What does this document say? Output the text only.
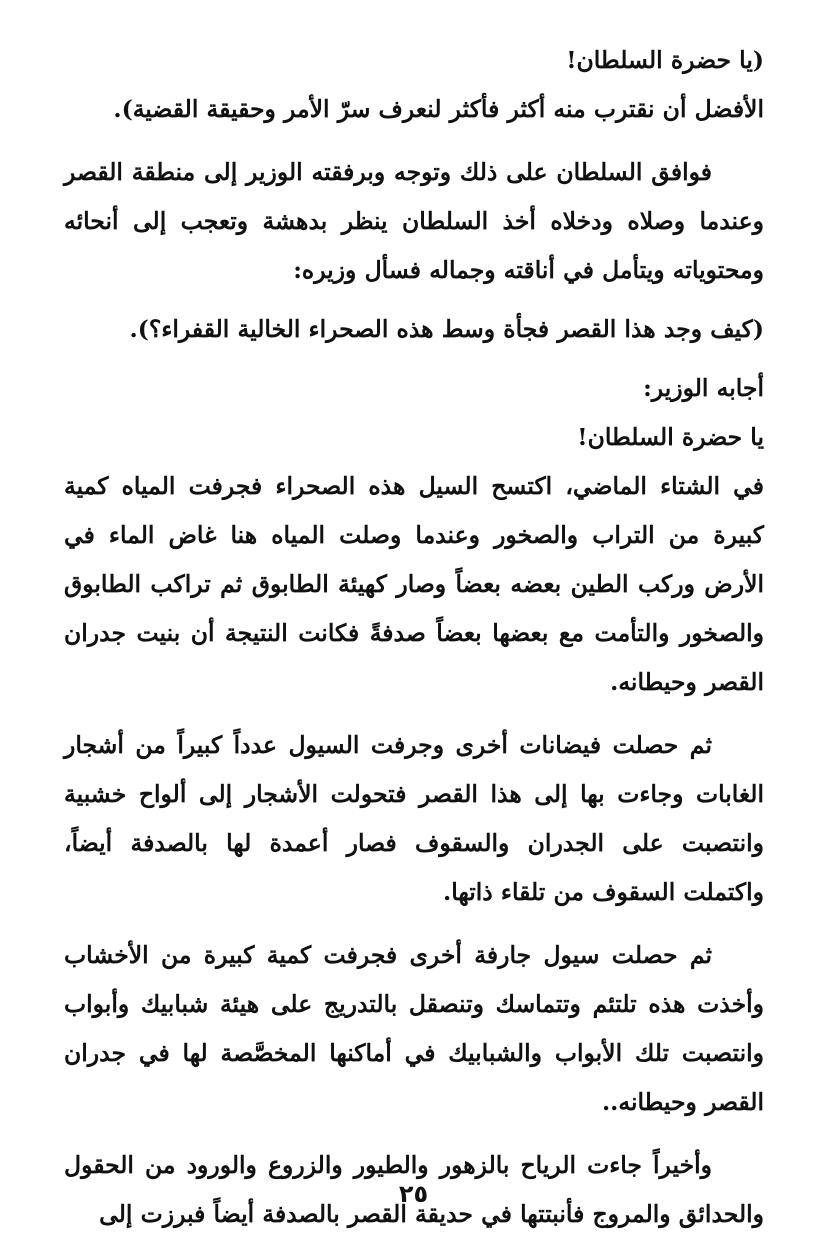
(يا حضرة السلطان!

الأفضل أن نقترب منه أكثر فأكثر لنعرف سرّ الأمر وحقيقة القضية).

فوافق السلطان على ذلك وتوجه وبرفقته الوزير إلى منطقة القصر وعندما وصلاه ودخلاه أخذ السلطان ينظر بدهشة وتعجب إلى أنحائه ومحتوياته ويتأمل في أناقته وجماله فسأل وزيره:

(كيف وجد هذا القصر فجأة وسط هذه الصحراء الخالية القفراء؟).

أجابه الوزير:

يا حضرة السلطان!

في الشتاء الماضي، اكتسح السيل هذه الصحراء فجرفت المياه كمية كبيرة من التراب والصخور وعندما وصلت المياه هنا غاض الماء في الأرض وركب الطين بعضه بعضاً وصار كهيئة الطابوق ثم تراكب الطابوق والصخور والتأمت مع بعضها بعضاً صدفةً فكانت النتيجة أن بنيت جدران القصر وحيطانه.

ثم حصلت فيضانات أخرى وجرفت السيول عدداً كبيراً من أشجار الغابات وجاءت بها إلى هذا القصر فتحولت الأشجار إلى ألواح خشبية وانتصبت على الجدران والسقوف فصار أعمدة لها بالصدفة أيضاً، واكتملت السقوف من تلقاء ذاتها.

ثم حصلت سيول جارفة أخرى فجرفت كمية كبيرة من الأخشاب وأخذت هذه تلتئم وتتماسك وتنصقل بالتدريج على هيئة شبابيك وأبواب وانتصبت تلك الأبواب والشبابيك في أماكنها المخصَّصة لها في جدران القصر وحيطانه..

وأخيراً جاءت الرياح بالزهور والطيور والزروع والورود من الحقول والحدائق والمروج فأنبتتها في حديقة القصر بالصدفة أيضاً فبرزت إلى

٢٥
